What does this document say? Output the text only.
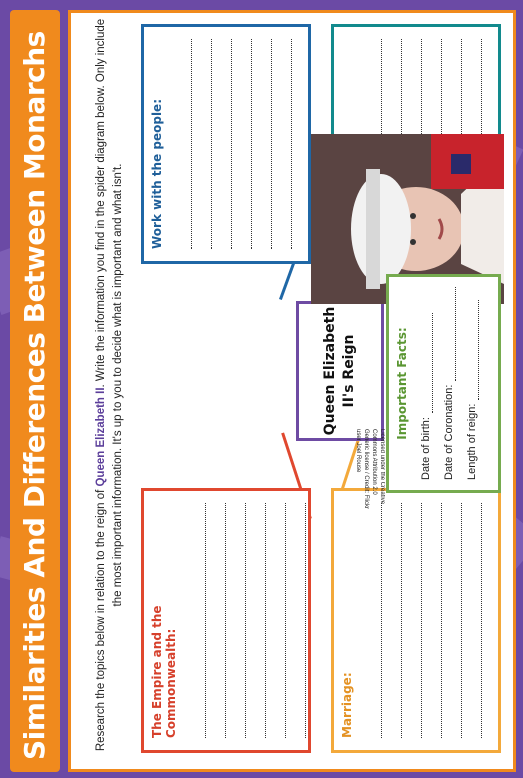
Similarities And Differences Between Monarchs	Research the topics below in relation to the reign of Queen Elizabeth II. Write the information you find in the spider diagram below. Only include the most important information. It's up to you to decide what is important and what isn't.
The Empire and the Commonwealth:	Marriage:
Work with the people:
Queen Elizabeth II's Reign
Licensed under the Creative Commons Attribution 2.0 Generic license / Credit: Flickr user Joel Rouse
Important Facts:
Date of birth:	Date of Coronation:	Length of reign:
